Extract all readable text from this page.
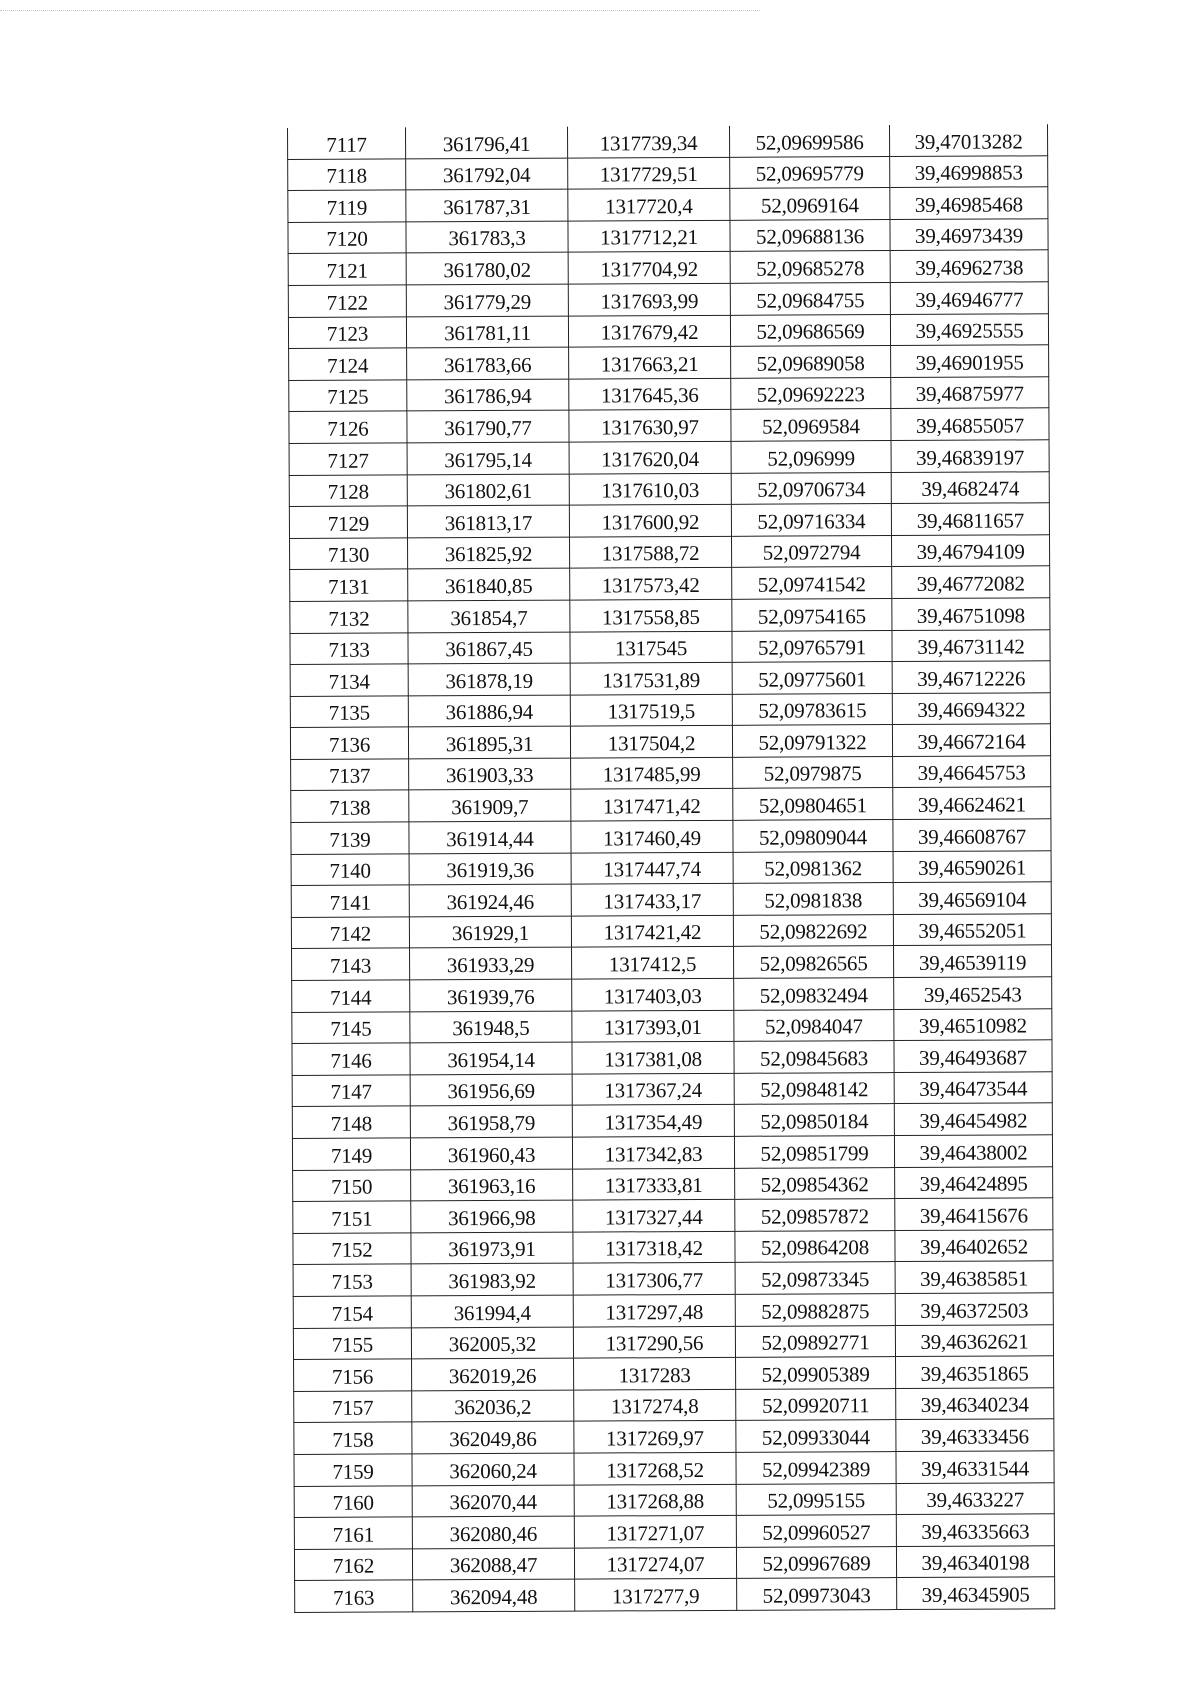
7117	361796,41	1317739,34	52,09699586	39,47013282
7118	361792,04	1317729,51	52,09695779	39,46998853
7119	361787,31	1317720,4	52,0969164	39,46985468
7120	361783,3	1317712,21	52,09688136	39,46973439
7121	361780,02	1317704,92	52,09685278	39,46962738
7122	361779,29	1317693,99	52,09684755	39,46946777
7123	361781,11	1317679,42	52,09686569	39,46925555
7124	361783,66	1317663,21	52,09689058	39,46901955
7125	361786,94	1317645,36	52,09692223	39,46875977
7126	361790,77	1317630,97	52,0969584	39,46855057
7127	361795,14	1317620,04	52,096999	39,46839197
7128	361802,61	1317610,03	52,09706734	39,4682474
7129	361813,17	1317600,92	52,09716334	39,46811657
7130	361825,92	1317588,72	52,0972794	39,46794109
7131	361840,85	1317573,42	52,09741542	39,46772082
7132	361854,7	1317558,85	52,09754165	39,46751098
7133	361867,45	1317545	52,09765791	39,46731142
7134	361878,19	1317531,89	52,09775601	39,46712226
7135	361886,94	1317519,5	52,09783615	39,46694322
7136	361895,31	1317504,2	52,09791322	39,46672164
7137	361903,33	1317485,99	52,0979875	39,46645753
7138	361909,7	1317471,42	52,09804651	39,46624621
7139	361914,44	1317460,49	52,09809044	39,46608767
7140	361919,36	1317447,74	52,0981362	39,46590261
7141	361924,46	1317433,17	52,0981838	39,46569104
7142	361929,1	1317421,42	52,09822692	39,46552051
7143	361933,29	1317412,5	52,09826565	39,46539119
7144	361939,76	1317403,03	52,09832494	39,4652543
7145	361948,5	1317393,01	52,0984047	39,46510982
7146	361954,14	1317381,08	52,09845683	39,46493687
7147	361956,69	1317367,24	52,09848142	39,46473544
7148	361958,79	1317354,49	52,09850184	39,46454982
7149	361960,43	1317342,83	52,09851799	39,46438002
7150	361963,16	1317333,81	52,09854362	39,46424895
7151	361966,98	1317327,44	52,09857872	39,46415676
7152	361973,91	1317318,42	52,09864208	39,46402652
7153	361983,92	1317306,77	52,09873345	39,46385851
7154	361994,4	1317297,48	52,09882875	39,46372503
7155	362005,32	1317290,56	52,09892771	39,46362621
7156	362019,26	1317283	52,09905389	39,46351865
7157	362036,2	1317274,8	52,09920711	39,46340234
7158	362049,86	1317269,97	52,09933044	39,46333456
7159	362060,24	1317268,52	52,09942389	39,46331544
7160	362070,44	1317268,88	52,0995155	39,4633227
7161	362080,46	1317271,07	52,09960527	39,46335663
7162	362088,47	1317274,07	52,09967689	39,46340198
7163	362094,48	1317277,9	52,09973043	39,46345905
